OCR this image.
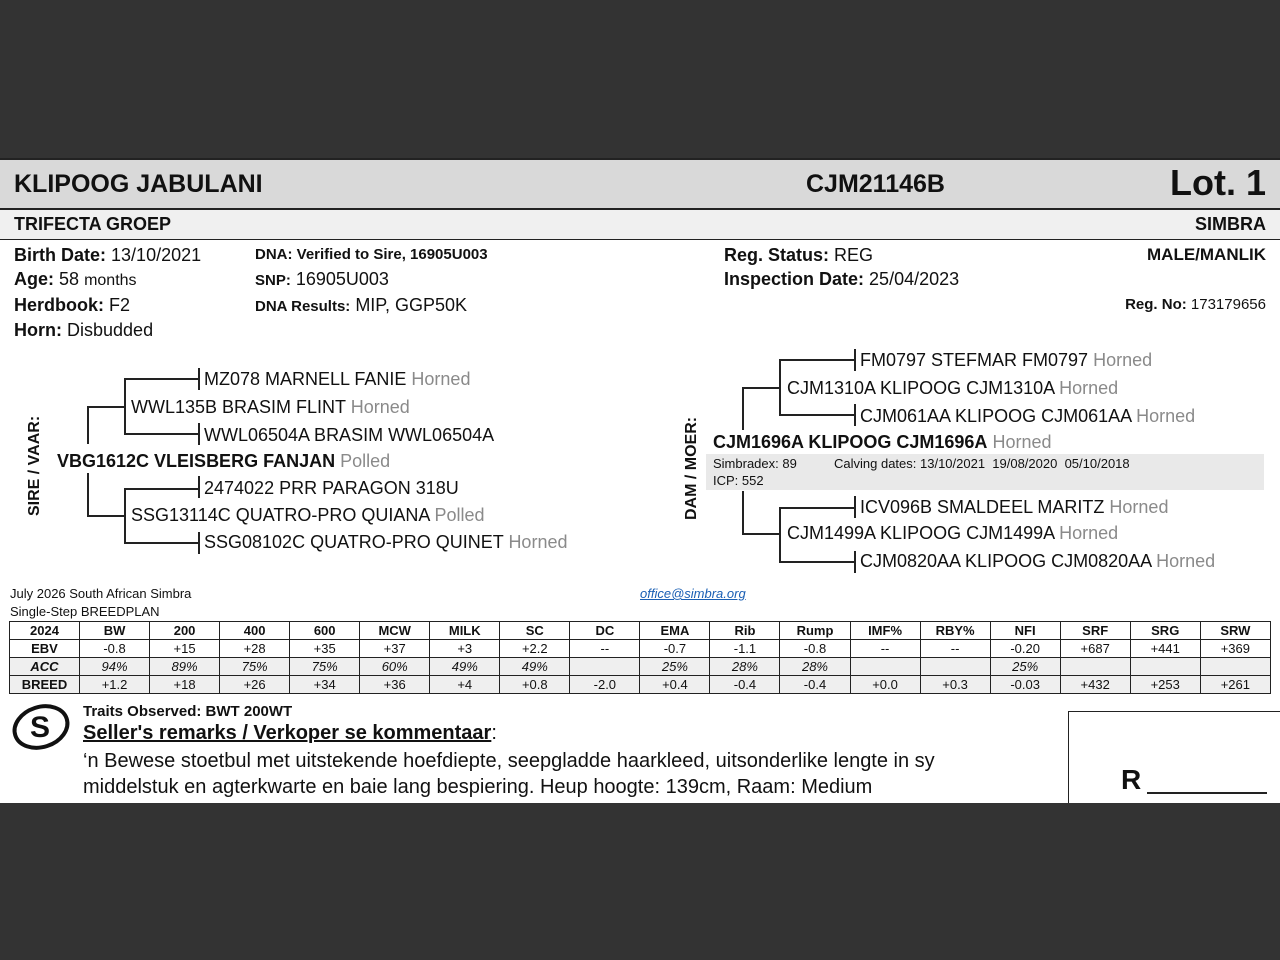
KLIPOOG JABULANI	CJM21146B	Lot. 1
TRIFECTA GROEP	SIMBRA
Birth Date: 13/10/2021
Age: 58 months
Herdbook: F2
Horn: Disbudded
DNA: Verified to Sire, 16905U003
SNP: 16905U003
DNA Results: MIP, GGP50K
Reg. Status: REG
Inspection Date: 25/04/2023
MALE/MANLIK
Reg. No: 173179656
SIRE / VAAR:
MZ078 MARNELL FANIE Horned
WWL135B BRASIM FLINT Horned
WWL06504A BRASIM WWL06504A
VBG1612C VLEISBERG FANJAN Polled
2474022 PRR PARAGON 318U
SSG13114C QUATRO-PRO QUIANA Polled
SSG08102C QUATRO-PRO QUINET Horned
DAM / MOER:
FM0797 STEFMAR FM0797 Horned
CJM1310A KLIPOOG CJM1310A Horned
CJM061AA KLIPOOG CJM061AA Horned
CJM1696A KLIPOOG CJM1696A Horned
Simbradex: 89	Calving dates: 13/10/2021  19/08/2020  05/10/2018
ICP: 552
ICV096B SMALDEEL MARITZ Horned
CJM1499A KLIPOOG CJM1499A Horned
CJM0820AA KLIPOOG CJM0820AA Horned
July 2026 South African Simbra
Single-Step BREEDPLAN
office@simbra.org
2024	BW	200	400	600	MCW	MILK	SC	DC	EMA	Rib	Rump	IMF%	RBY%	NFI	SRF	SRG	SRW
EBV	-0.8	+15	+28	+35	+37	+3	+2.2	--	-0.7	-1.1	-0.8	--	--	-0.20	+687	+441	+369
ACC	94%	89%	75%	75%	60%	49%	49%		25%	28%	28%			25%			
BREED	+1.2	+18	+26	+34	+36	+4	+0.8	-2.0	+0.4	-0.4	-0.4	+0.0	+0.3	-0.03	+432	+253	+261
S Traits Observed: BWT 200WT
Seller's remarks / Verkoper se kommentaar:
‘n Bewese stoetbul met uitstekende hoefdiepte, seepgladde haarkleed, uitsonderlike lengte in sy
middelstuk en agterkwarte en baie lang bespiering. Heup hoogte: 139cm, Raam: Medium	R
